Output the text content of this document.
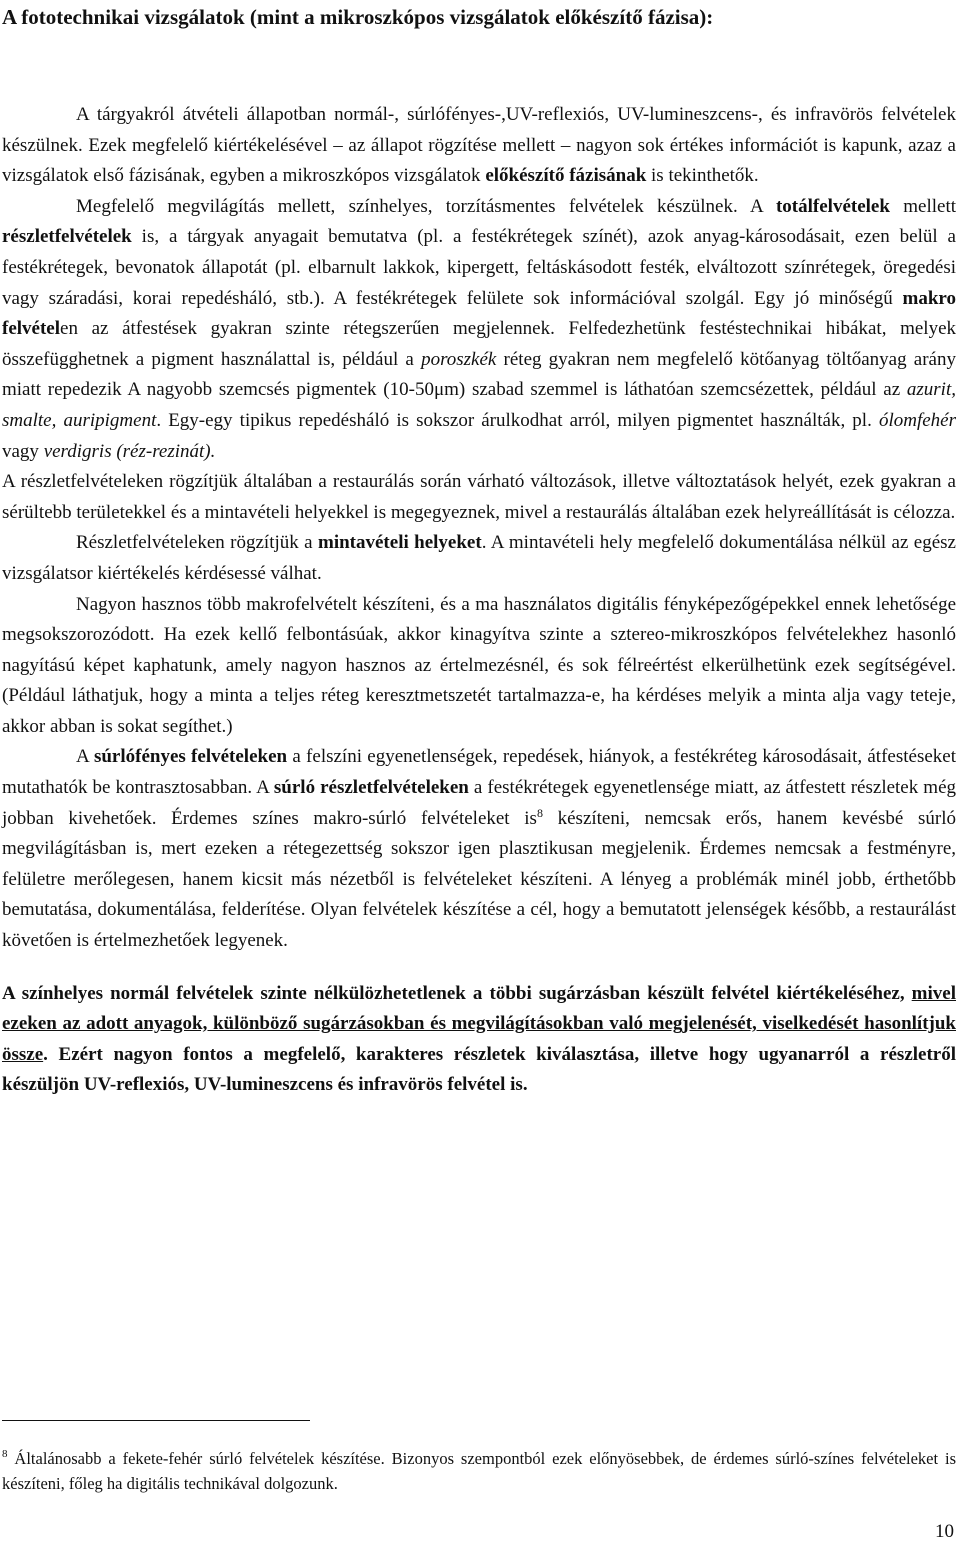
A fototechnikai vizsgálatok (mint a mikroszkópos vizsgálatok előkészítő fázisa):

A tárgyakról átvételi állapotban normál-, súrlófényes-,UV-reflexiós, UV-lumineszcens-, és infravörös felvételek készülnek. Ezek megfelelő kiértékelésével – az állapot rögzítése mellett – nagyon sok értékes információt is kapunk, azaz a vizsgálatok első fázisának, egyben a mikroszkópos vizsgálatok előkészítő fázisának is tekinthetők.

Megfelelő megvilágítás mellett, színhelyes, torzításmentes felvételek készülnek. A totálfelvételek mellett részletfelvételek is, a tárgyak anyagait bemutatva (pl. a festékrétegek színét), azok anyag-károsodásait, ezen belül a festékrétegek, bevonatok állapotát (pl. elbarnult lakkok, kipergett, feltáskásodott festék, elváltozott színrétegek, öregedési vagy száradási, korai repedésháló, stb.). A festékrétegek felülete sok információval szolgál. Egy jó minőségű makro felvételen az átfestések gyakran szinte rétegszerűen megjelennek. Felfedezhetünk festéstechnikai hibákat, melyek összefügghetnek a pigment használattal is, például a poroszkék réteg gyakran nem megfelelő kötőanyag töltőanyag arány miatt repedezik A nagyobb szemcsés pigmentek (10-50μm) szabad szemmel is láthatóan szemcsézettek, például az azurit, smalte, auripigment. Egy-egy tipikus repedésháló is sokszor árulkodhat arról, milyen pigmentet használták, pl. ólomfehér vagy verdigris (réz-rezinát).

A részletfelvételeken rögzítjük általában a restaurálás során várható változások, illetve változtatások helyét, ezek gyakran a sérültebb területekkel és a mintavételi helyekkel is megegyeznek, mivel a restaurálás általában ezek helyreállítását is célozza.

Részletfelvételeken rögzítjük a mintavételi helyeket. A mintavételi hely megfelelő dokumentálása nélkül az egész vizsgálatsor kiértékelés kérdésessé válhat.

Nagyon hasznos több makrofelvételt készíteni, és a ma használatos digitális fényképezőgépekkel ennek lehetősége megsokszorozódott. Ha ezek kellő felbontásúak, akkor kinagyítva szinte a sztereo-mikroszkópos felvételekhez hasonló nagyítású képet kaphatunk, amely nagyon hasznos az értelmezésnél, és sok félreértést elkerülhetünk ezek segítségével. (Például láthatjuk, hogy a minta a teljes réteg keresztmetszetét tartalmazza-e, ha kérdéses melyik a minta alja vagy teteje, akkor abban is sokat segíthet.)

A súrlófényes felvételeken a felszíni egyenetlenségek, repedések, hiányok, a festékréteg károsodásait, átfestéseket mutathatók be kontrasztosabban. A súrló részletfelvételeken a festékrétegek egyenetlensége miatt, az átfestett részletek még jobban kivehetőek. Érdemes színes makro-súrló felvételeket $is^8$ készíteni, nemcsak erős, hanem kevésbé súrló megvilágításban is, mert ezeken a rétegezettség sokszor igen plasztikusan megjelenik. Érdemes nemcsak a festményre, felületre merőlegesen, hanem kicsit más nézetből is felvételeket készíteni. A lényeg a problémák minél jobb, érthetőbb bemutatása, dokumentálása, felderítése. Olyan felvételek készítése a cél, hogy a bemutatott jelenségek később, a restaurálást követően is értelmezhetőek legyenek.

A színhelyes normál felvételek szinte nélkülözhetetlenek a többi sugárzásban készült felvétel kiértékeléséhez, mivel ezeken az adott anyagok, különböző sugárzásokban és megvilágításokban való megjelenését, viselkedését hasonlítjuk össze. Ezért nagyon fontos a megfelelő, karakteres részletek kiválasztása, illetve hogy ugyanarról a részletről készüljön UV-reflexiós, UV-lumineszcens és infravörös felvétel is.

$^8$ Általánosabb a fekete-fehér súrló felvételek készítése. Bizonyos szempontból ezek előnyösebbek, de érdemes súrló-színes felvételeket is készíteni, főleg ha digitális technikával dolgozunk.

10
